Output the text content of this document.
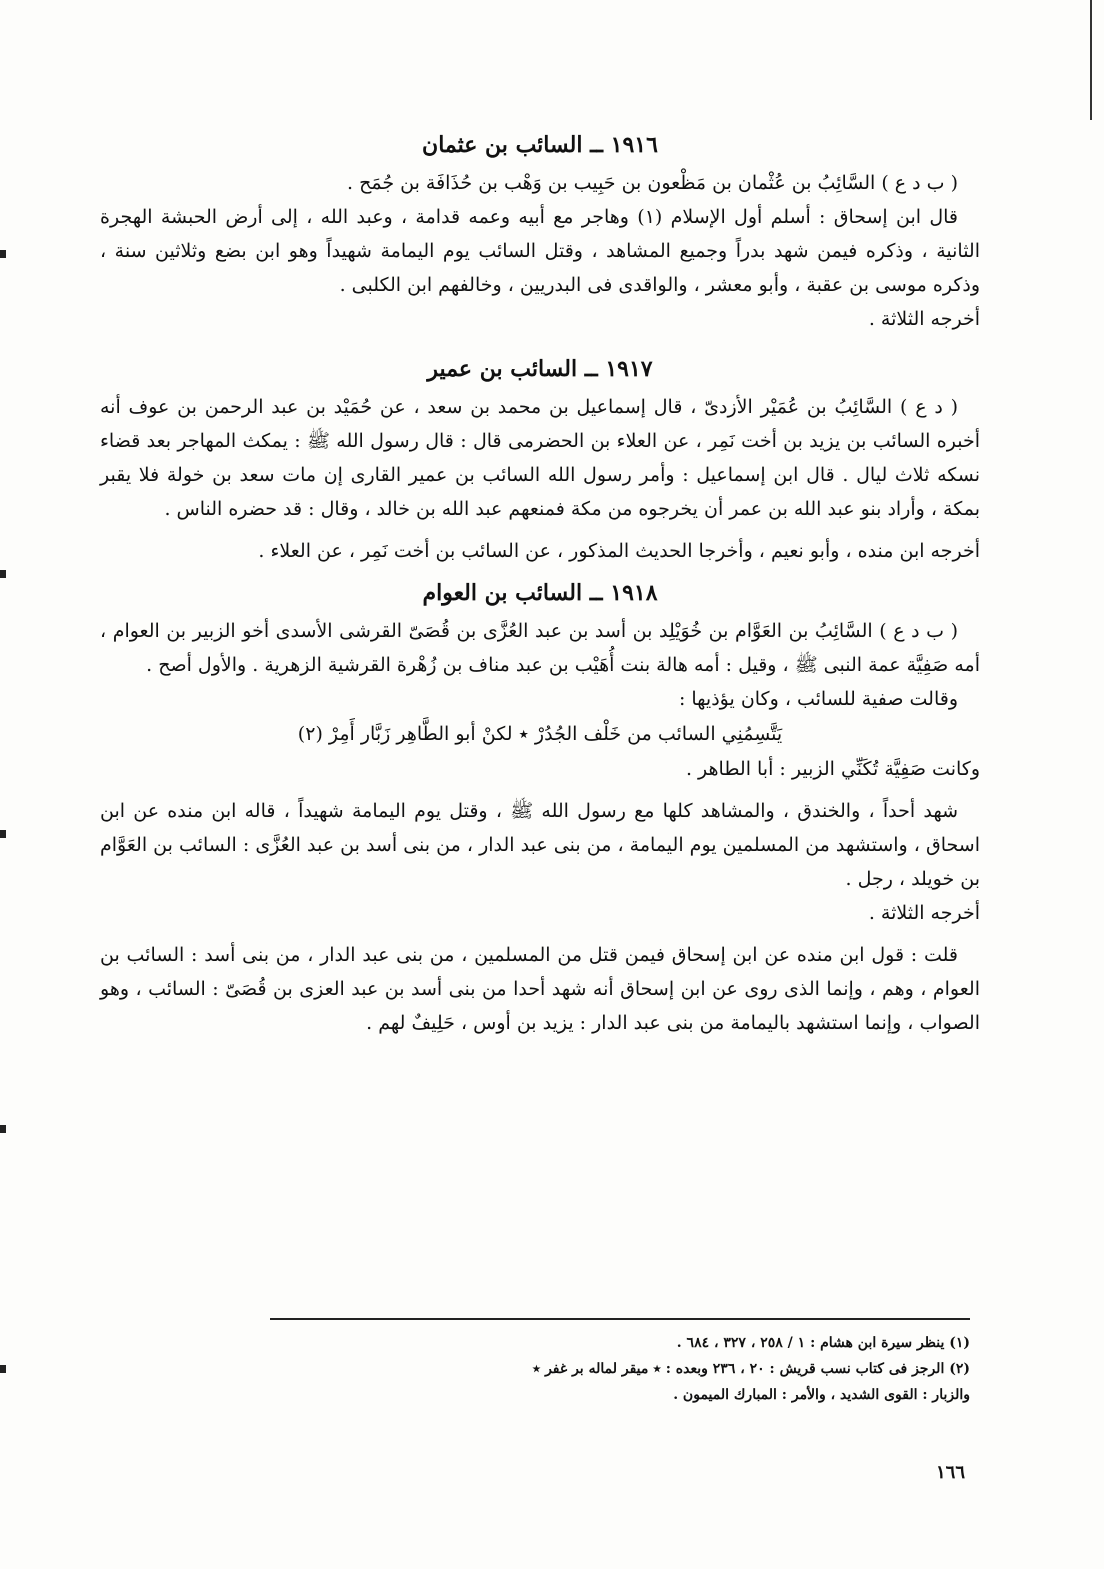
١٩١٦ ــ السائب بن عثمان

( ب د ع ) السَّائِبُ بن عُثْمان بن مَظْعون بن حَبِيب بن وَهْب بن حُذَافَة بن جُمَح .

قال ابن إسحاق : أسلم أول الإسلام (١) وهاجر مع أبيه وعمه قدامة ، وعبد الله ، إلى أرض الحبشة الهجرة الثانية ، وذكره فيمن شهد بدراً وجميع المشاهد ، وقتل السائب يوم اليمامة شهيداً وهو ابن بضع وثلاثين سنة ، وذكره موسى بن عقبة ، وأبو معشر ، والواقدى فى البدريين ، وخالفهم ابن الكلبى .

أخرجه الثلاثة .

١٩١٧ ــ السائب بن عمير

( د ع ) السَّائِبُ بن عُمَيْر الأزدىّ ، قال إسماعيل بن محمد بن سعد ، عن حُمَيْد بن عبد الرحمن بن عوف أنه أخبره السائب بن يزيد بن أخت نَمِر ، عن العلاء بن الحضرمى قال : قال رسول الله ﷺ : يمكث المهاجر بعد قضاء نسكه ثلاث ليال . قال ابن إسماعيل : وأمر رسول الله السائب بن عمير القارى إن مات سعد بن خولة فلا يقبر بمكة ، وأراد بنو عبد الله بن عمر أن يخرجوه من مكة فمنعهم عبد الله بن خالد ، وقال : قد حضره الناس .

أخرجه ابن منده ، وأبو نعيم ، وأخرجا الحديث المذكور ، عن السائب بن أخت نَمِر ، عن العلاء .

١٩١٨ ــ السائب بن العوام

( ب د ع ) السَّائِبُ بن العَوَّام بن خُوَيْلِد بن أسد بن عبد العُزَّى بن قُصَىّ القرشى الأسدى أخو الزبير بن العوام ، أمه صَفِيَّة عمة النبى ﷺ ، وقيل : أمه هالة بنت أُهَيْب بن عبد مناف بن زُهْرة القرشية الزهرية . والأول أصح .

وقالت صفية للسائب ، وكان يؤذيها :

يَتَّسِمُنِي السائب من خَلْف الجُدُرْ ٭ لكنْ أبو الطَّاهِر زَبَّار أَمِرْ (٢)

وكانت صَفِيَّة تُكَنِّي الزبير : أبا الطاهر .

شهد أحداً ، والخندق ، والمشاهد كلها مع رسول الله ﷺ ، وقتل يوم اليمامة شهيداً ، قاله ابن منده عن ابن اسحاق ، واستشهد من المسلمين يوم اليمامة ، من بنى عبد الدار ، من بنى أسد بن عبد العُزَّى : السائب بن العَوَّام بن خويلد ، رجل .

أخرجه الثلاثة .

قلت : قول ابن منده عن ابن إسحاق فيمن قتل من المسلمين ، من بنى عبد الدار ، من بنى أسد : السائب بن العوام ، وهم ، وإنما الذى روى عن ابن إسحاق أنه شهد أحدا من بنى أسد بن عبد العزى بن قُصَىّ : السائب ، وهو الصواب ، وإنما استشهد باليمامة من بنى عبد الدار : يزيد بن أوس ، حَلِيفٌ لهم .

(١) ينظر سيرة ابن هشام : ١ / ٢٥٨ ، ٣٢٧ ، ٦٨٤ .

(٢) الرجز فى كتاب نسب قريش : ٢٠ ، ٢٣٦ وبعده : ٭ ميقر لماله بر غفر ٭

والزبار : القوى الشديد ، والأمر : المبارك الميمون .

١٦٦
